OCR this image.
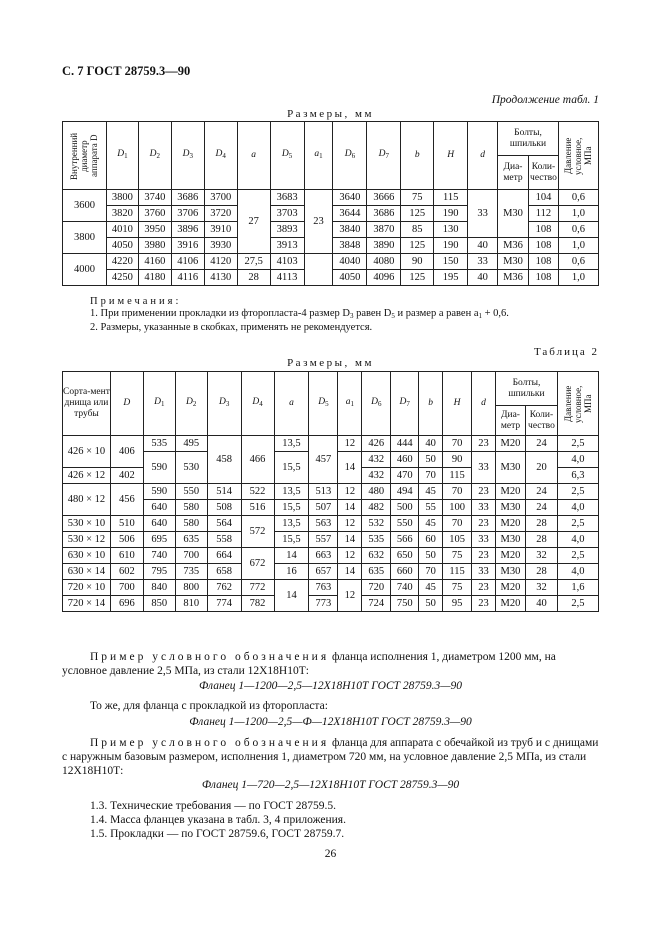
С. 7 ГОСТ 28759.3—90
Продолжение табл. 1
Размеры, мм
Внутренний диаметр аппарата D	$D_1$	$D_2$	$D_3$	$D_4$	a	$D_5$	$a_1$	$D_6$	$D_7$	b	H	d	Болты, шпильки		Давление условное, МПа

													Диа-метр	Коли-чество	
3600	3800	3740	3686	3700	27	3683	23	3640	3666	75	115	33	М30	104	0,6
	3820	3760	3706	3720		3703		3644	3686	125	190			112	1,0
3800	4010	3950	3896	3910		3893		3840	3870	85	130			108	0,6
	4050	3980	3916	3930		3913		3848	3890	125	190	40	М36	108	1,0
4000	4220	4160	4106	4120	27,5	4103		4040	4080	90	150	33	М30	108	0,6
	4250	4180	4116	4130	28	4113		4050	4096	125	195	40	М36	108	1,0
Примечания:
1. При применении прокладки из фторопласта-4 размер $D_3$ равен $D_5$ и размер a равен $a_1 + 0,6$.
2. Размеры, указанные в скобках, применять не рекомендуется.
Таблица 2
Размеры, мм
Сорта-мент днища или трубы	D	$D_1$	$D_2$	$D_3$	$D_4$	a	$D_5$	$a_1$	$D_6$	$D_7$	b	H	d	Болты, шпильки		Давление условное, МПа

														Диа-метр	Коли-чество	
426 × 10	406	535	495	458	466	13,5	457	12	426	444	40	70	23	М20	24	2,5
		590	530			15,5		14	432	460	50	90	33	М30	20	4,0
426 × 12	402								432	470	70	115				6,3
480 × 12	456	590	550	514	522	13,5	513	12	480	494	45	70	23	М20	24	2,5
		640	580	508	516	15,5	507	14	482	500	55	100	33	М30	24	4,0
530 × 10	510	640	580	564	572	13,5	563	12	532	550	45	70	23	М20	28	2,5
530 × 12	506	695	635	558		15,5	557	14	535	566	60	105	33	М30	28	4,0
630 × 10	610	740	700	664	672	14	663	12	632	650	50	75	23	М20	32	2,5
630 × 14	602	795	735	658		16	657	14	635	660	70	115	33	М30	28	4,0
720 × 10	700	840	800	762	772	14	763	12	720	740	45	75	23	М20	32	1,6
720 × 14	696	850	810	774	782		773		724	750	50	95	23	М20	40	2,5
Пример условного обозначения фланца исполнения 1, диаметром 1200 мм, на условное давление 2,5 МПа, из стали 12Х18Н10Т:
Фланец 1—1200—2,5—12Х18Н10Т ГОСТ 28759.3—90
То же, для фланца с прокладкой из фторопласта:
Фланец 1—1200—2,5—Ф—12Х18Н10Т ГОСТ 28759.3—90
Пример условного обозначения фланца для аппарата с обечайкой из труб и с днищами с наружным базовым размером, исполнения 1, диаметром 720 мм, на условное давление 2,5 МПа, из стали 12Х18Н10Т:
Фланец 1—720—2,5—12Х18Н10Т ГОСТ 28759.3—90
1.3. Технические требования — по ГОСТ 28759.5.
1.4. Масса фланцев указана в табл. 3, 4 приложения.
1.5. Прокладки — по ГОСТ 28759.6, ГОСТ 28759.7.
26
